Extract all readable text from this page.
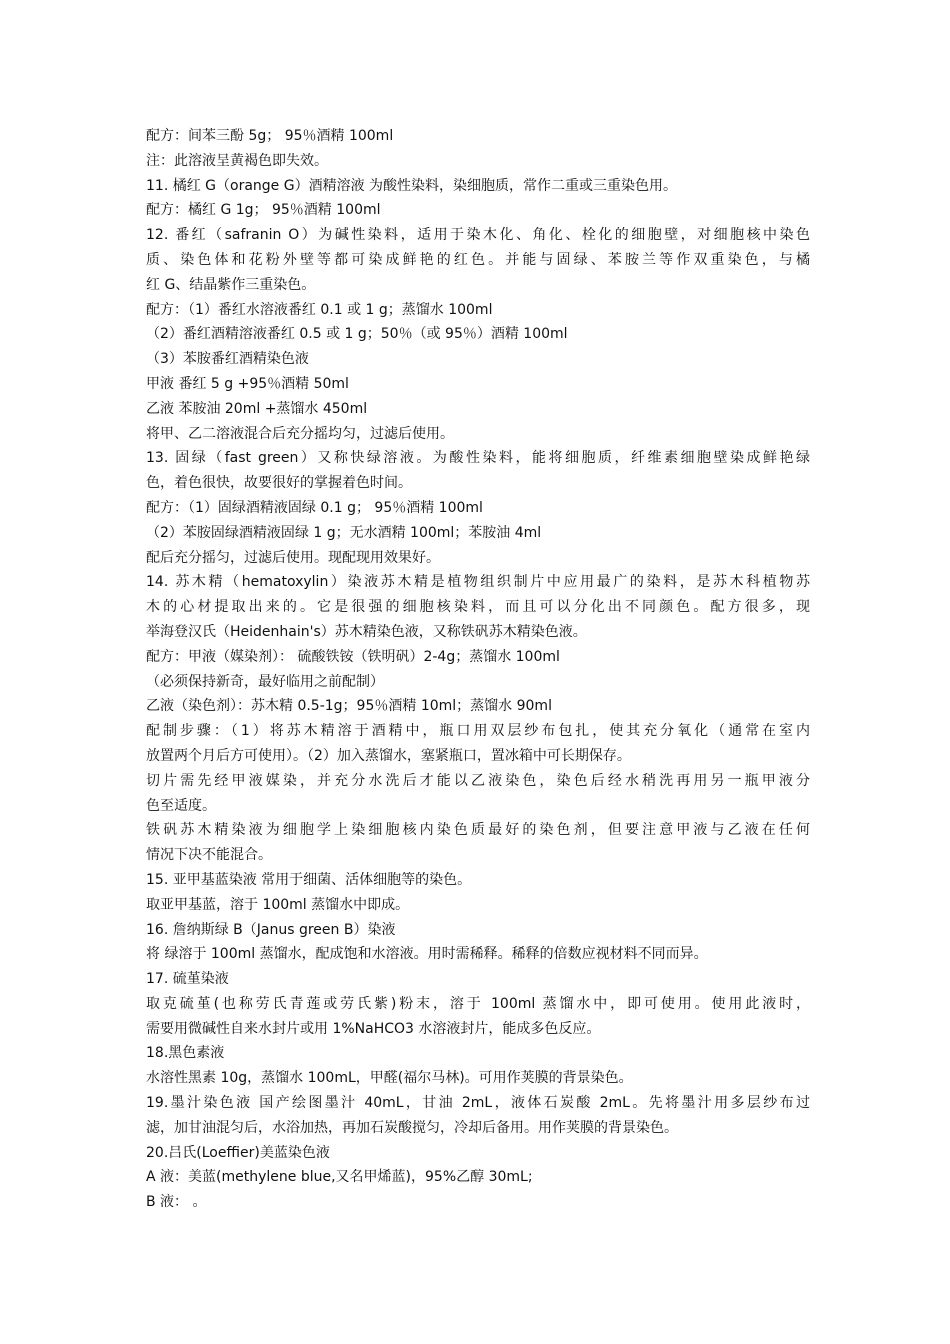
配方：间苯三酚 5g； 95％酒精 100ml

注：此溶液呈黄褐色即失效。

11. 橘红 G（orange G）酒精溶液 为酸性染料，染细胞质，常作二重或三重染色用。

配方：橘红 G 1g； 95％酒精 100ml

12. 番红（safranin O）为碱性染料，适用于染木化、角化、栓化的细胞壁，对细胞核中染色

质、染色体和花粉外壁等都可染成鲜艳的红色。并能与固绿、苯胺兰等作双重染色，与橘

红 G、结晶紫作三重染色。

配方：（1）番红水溶液番红 0.1 或 1 g；蒸馏水 100ml

（2）番红酒精溶液番红 0.5 或 1 g；50％（或 95％）酒精 100ml

（3）苯胺番红酒精染色液

甲液 番红 5 g +95％酒精 50ml

乙液 苯胺油 20ml +蒸馏水 450ml

将甲、乙二溶液混合后充分摇均匀，过滤后使用。

13. 固绿（fast green）又称快绿溶液。为酸性染料，能将细胞质，纤维素细胞壁染成鲜艳绿

色，着色很快，故要很好的掌握着色时间。

配方：（1）固绿酒精液固绿 0.1 g； 95％酒精 100ml

（2）苯胺固绿酒精液固绿 1 g；无水酒精 100ml；苯胺油 4ml

配后充分摇匀，过滤后使用。现配现用效果好。

14. 苏木精（hematoxylin）染液苏木精是植物组织制片中应用最广的染料，是苏木科植物苏

木的心材提取出来的。它是很强的细胞核染料，而且可以分化出不同颜色。配方很多，现

举海登汉氏（Heidenhain's）苏木精染色液，又称铁矾苏木精染色液。

配方：甲液（媒染剂）： 硫酸铁铵（铁明矾）2-4g；蒸馏水 100ml

（必须保持新奇，最好临用之前配制）

乙液（染色剂）：苏木精 0.5-1g；95％酒精 10ml；蒸馏水 90ml

配制步骤：（1）将苏木精溶于酒精中，瓶口用双层纱布包扎，使其充分氧化（通常在室内

放置两个月后方可使用）。（2）加入蒸馏水，塞紧瓶口，置冰箱中可长期保存。

切片需先经甲液媒染，并充分水洗后才能以乙液染色，染色后经水稍洗再用另一瓶甲液分

色至适度。

铁矾苏木精染液为细胞学上染细胞核内染色质最好的染色剂，但要注意甲液与乙液在任何

情况下决不能混合。

15. 亚甲基蓝染液 常用于细菌、活体细胞等的染色。

取亚甲基蓝，溶于 100ml 蒸馏水中即成。

16. 詹纳斯绿 B（Janus green B）染液

将 绿溶于 100ml 蒸馏水，配成饱和水溶液。用时需稀释。稀释的倍数应视材料不同而异。

17. 硫堇染液

取克硫堇(也称劳氏青莲或劳氏紫)粉末，溶于 100ml 蒸馏水中，即可使用。使用此液时，

需要用微碱性自来水封片或用 1%NaHCO3 水溶液封片，能成多色反应。

18.黑色素液

水溶性黑素 10g，蒸馏水 100mL，甲醛(福尔马林)。可用作荚膜的背景染色。

19.墨汁染色液 国产绘图墨汁 40mL，甘油 2mL，液体石炭酸 2mL。先将墨汁用多层纱布过

滤，加甘油混匀后，水浴加热，再加石炭酸搅匀，冷却后备用。用作荚膜的背景染色。

20.吕氏(Loeffier)美蓝染色液

A 液：美蓝(methylene blue,又名甲烯蓝)，95%乙醇 30mL;

B 液： 。
